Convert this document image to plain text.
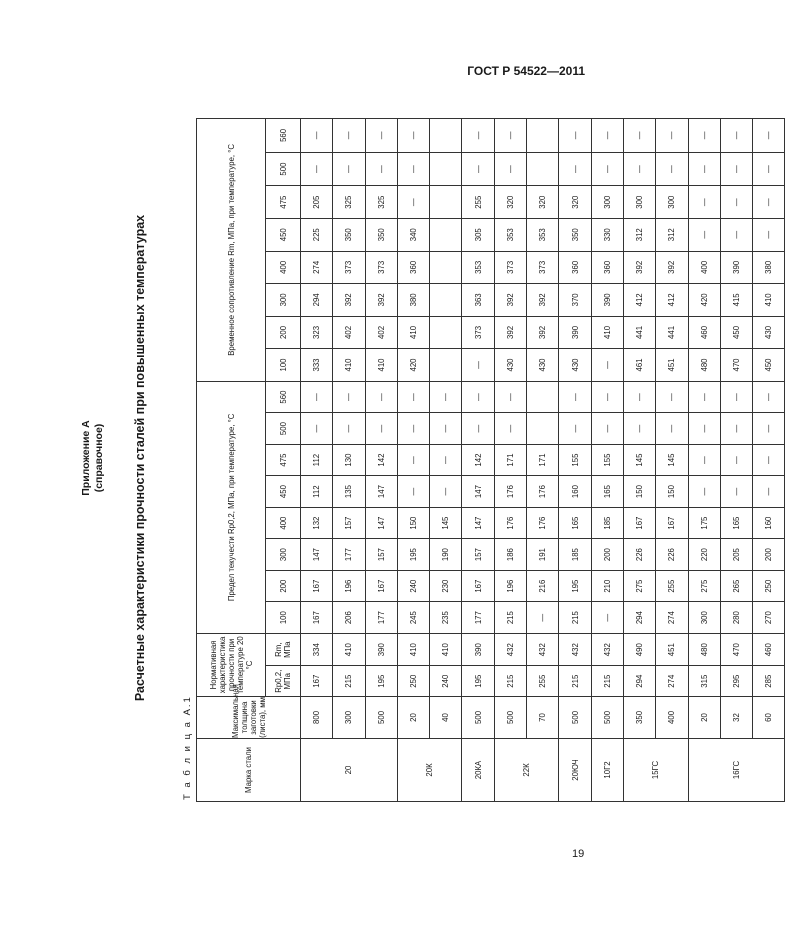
ГОСТ Р 54522—2011
Приложение А (справочное) Расчетные характеристики прочности сталей при повышенных температурах
Т а б л и ц а А.1	Марка стали	Максимальная толщина заготовки (листа), мм	Нормативная характеристика прочности при температуре 20 °С		Предел текучести Rp0,2, МПа, при температуре, °С								Временное сопротивление Rm, МПа, при температуре, °С							
		Rp0,2, МПа	Rm, МПа	100	200	300	400	450	475	500	560	100	200	300	400	450	475	500	560
20	800	167	334	167	167	147	132	112	112	—	—	333	323	294	274	225	205	—	—
	300	215	410	206	196	177	157	135	130	—	—	410	402	392	373	350	325	—	—
	500	195	390	177	167	157	147	147	142	—	—	410	402	392	373	350	325	—	—
20К	20	250	410	245	240	195	150	—	—	—	—	420	410	380	360	340	—	—	—
	40	240	410	235	230	190	145	—	—	—	—								
20КА	500	195	390	177	167	157	147	147	142	—	—	—	373	363	353	305	255	—	—
22К	500	215	432	215	196	186	176	176	171	—	—	430	392	392	373	353	320	—	—
	70	255	432	—	216	191	176	176	171			430	392	392	373	353	320		
20ЮЧ	500	215	432	215	195	185	165	160	155	—	—	430	390	370	360	350	320	—	—
10Г2	500	215	432	—	210	200	185	165	155	—	—	—	410	390	360	330	300	—	—
15ГС	350	294	490	294	275	226	167	150	145	—	—	461	441	412	392	312	300	—	—
	400	274	451	274	255	226	167	150	145	—	—	451	441	412	392	312	300	—	—
16ГС	20	315	480	300	275	220	175	—	—	—	—	480	460	420	400	—	—	—	—
	32	295	470	280	265	205	165	—	—	—	—	470	450	415	390	—	—	—	—
	60	285	460	270	250	200	160	—	—	—	—	450	430	410	380	—	—	—	—
19
